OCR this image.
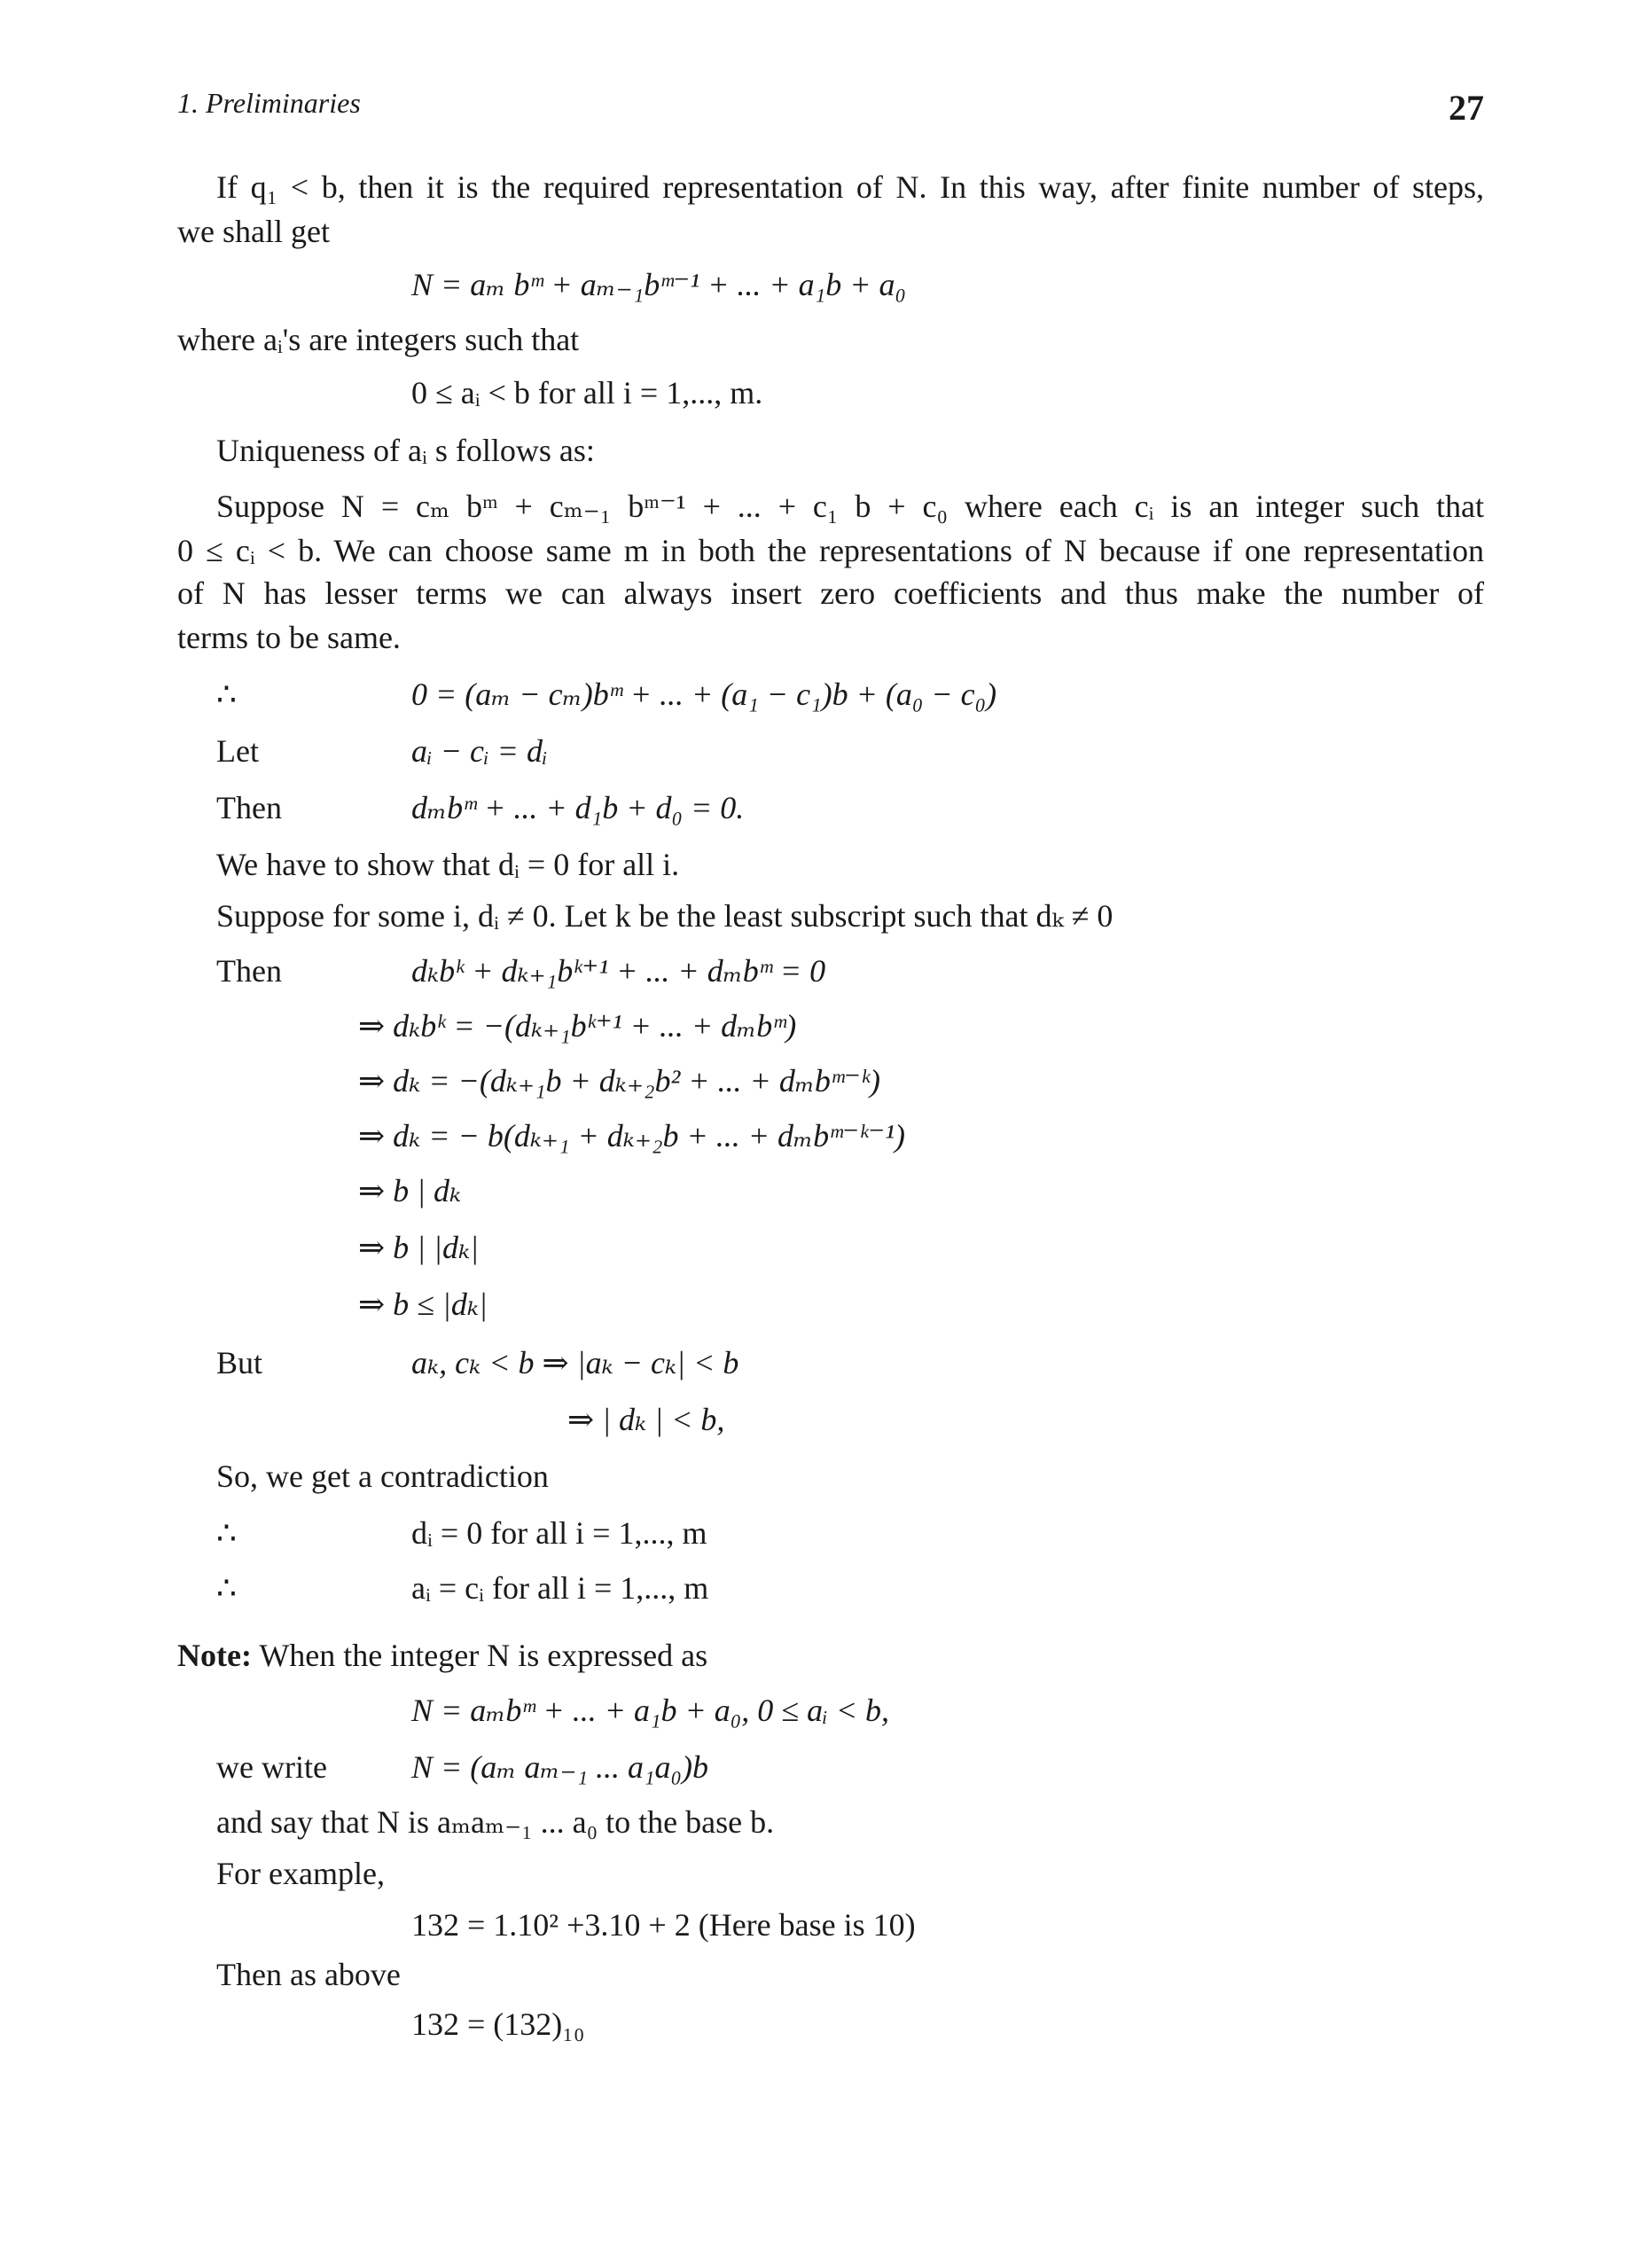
1. Preliminaries	27
If q₁ < b, then it is the required representation of N. In this way, after finite number of steps,
we shall get
N = aₘ bᵐ + aₘ₋₁bᵐ⁻¹ + ... + a₁b + a₀
where aᵢ's are integers such that
0 ≤ aᵢ < b for all i = 1,..., m.
Uniqueness of aᵢ s follows as:
Suppose N = cₘ bᵐ + cₘ₋₁ bᵐ⁻¹ + ... + c₁ b + c₀ where each cᵢ is an integer such that
0 ≤ cᵢ < b. We can choose same m in both the representations of N because if one representation
of N has lesser terms we can always insert zero coefficients and thus make the number of
terms to be same.
∴	0 = (aₘ − cₘ)bᵐ + ... + (a₁ − c₁)b + (a₀ − c₀)
Let	aᵢ − cᵢ = dᵢ
Then	dₘbᵐ + ... + d₁b + d₀ = 0.
We have to show that dᵢ = 0 for all i.
Suppose for some i, dᵢ ≠ 0. Let k be the least subscript such that dₖ ≠ 0
Then	dₖbᵏ + dₖ₊₁bᵏ⁺¹ + ... + dₘbᵐ = 0
⇒ dₖbᵏ = −(dₖ₊₁bᵏ⁺¹ + ... + dₘbᵐ)
⇒ dₖ = −(dₖ₊₁b + dₖ₊₂b² + ... + dₘbᵐ⁻ᵏ)
⇒ dₖ = − b(dₖ₊₁ + dₖ₊₂b + ... + dₘbᵐ⁻ᵏ⁻¹)
⇒ b | dₖ
⇒ b | |dₖ|
⇒ b ≤ |dₖ|
But	aₖ, cₖ < b ⇒ |aₖ − cₖ| < b
⇒ | dₖ | < b,
So, we get a contradiction
∴	dᵢ = 0 for all i = 1,..., m
∴	aᵢ = cᵢ for all i = 1,..., m
Note: When the integer N is expressed as
N = aₘbᵐ + ... + a₁b + a₀, 0 ≤ aᵢ < b,
we write	N = (aₘ aₘ₋₁ ... a₁a₀)b
and say that N is aₘaₘ₋₁ ... a₀ to the base b.
For example,
132 = 1.10² +3.10 + 2 (Here base is 10)
Then as above
132 = (132)₁₀
